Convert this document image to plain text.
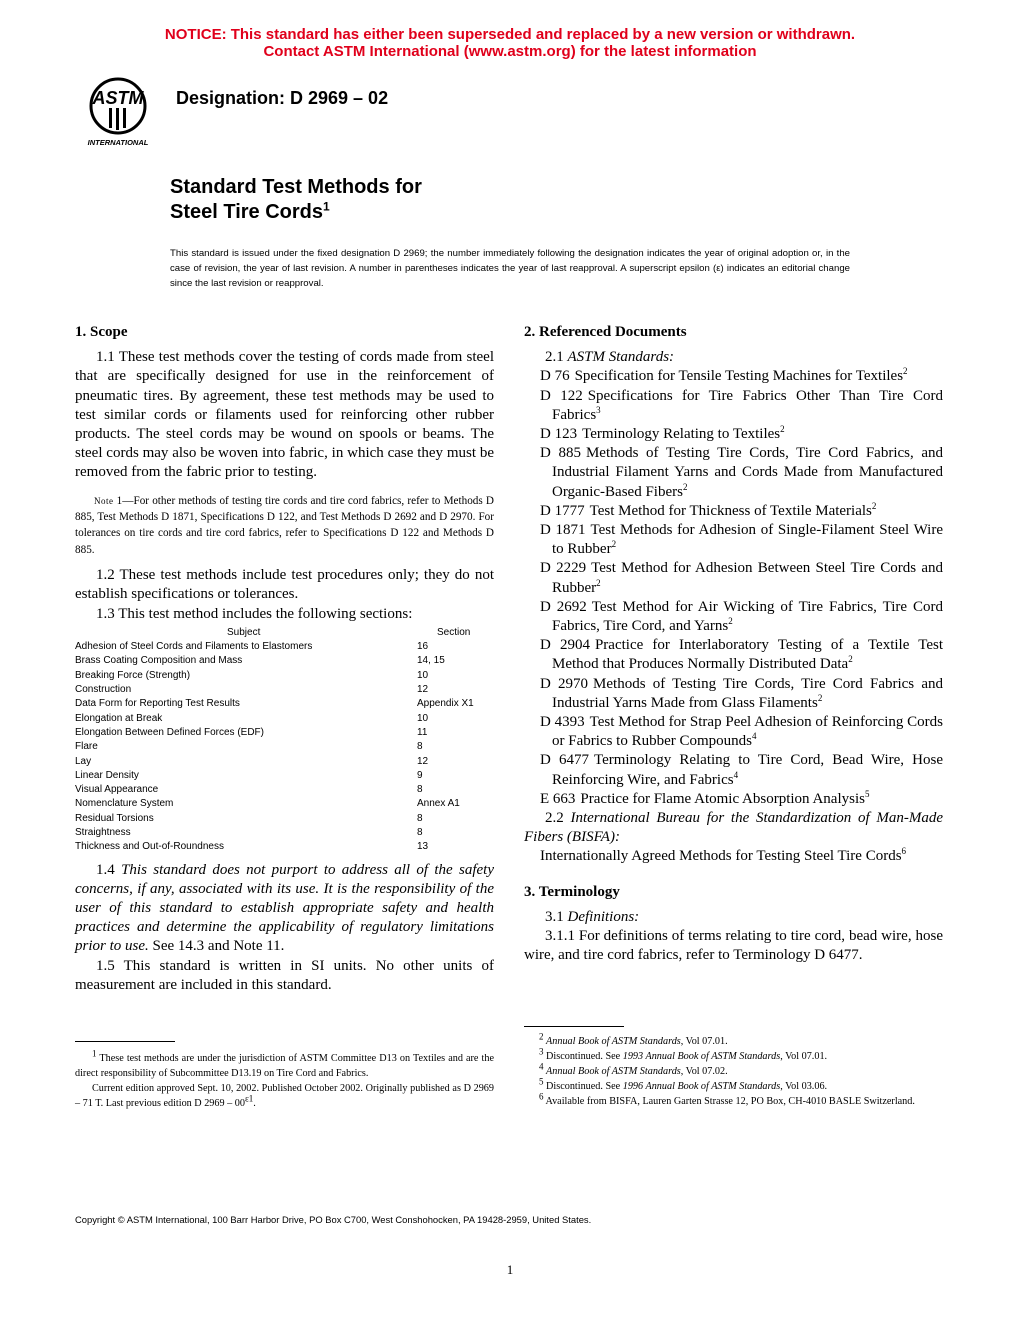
NOTICE: This standard has either been superseded and replaced by a new version or withdrawn.
Contact ASTM International (www.astm.org) for the latest information
ASTM
INTERNATIONAL
Designation: D 2969 – 02
Standard Test Methods for
Steel Tire Cords$^1$
This standard is issued under the fixed designation D 2969; the number immediately following the designation indicates the year of original adoption or, in the case of revision, the year of last revision. A number in parentheses indicates the year of last reapproval. A superscript epsilon (ε) indicates an editorial change since the last revision or reapproval.
1. Scope

1.1 These test methods cover the testing of cords made from steel that are specifically designed for use in the reinforcement of pneumatic tires. By agreement, these test methods may be used to test similar cords or filaments used for reinforcing other rubber products. The steel cords may be wound on spools or beams. The steel cords may also be woven into fabric, in which case they must be removed from the fabric prior to testing.

Note 1—For other methods of testing tire cords and tire cord fabrics, refer to Methods D 885, Test Methods D 1871, Specifications D 122, and Test Methods D 2692 and D 2970. For tolerances on tire cords and tire cord fabrics, refer to Specifications D 122 and Methods D 885.

1.2 These test methods include test procedures only; they do not establish specifications or tolerances.

1.3 This test method includes the following sections:

Subject	Section
Adhesion of Steel Cords and Filaments to Elastomers	16
Brass Coating Composition and Mass	14, 15
Breaking Force (Strength)	10
Construction	12
Data Form for Reporting Test Results	Appendix X1
Elongation at Break	10
Elongation Between Defined Forces (EDF)	11
Flare	8
Lay	12
Linear Density	9
Visual Appearance	8
Nomenclature System	Annex A1
Residual Torsions	8
Straightness	8
Thickness and Out-of-Roundness	13

1.4 This standard does not purport to address all of the safety concerns, if any, associated with its use. It is the responsibility of the user of this standard to establish appropriate safety and health practices and determine the applicability of regulatory limitations prior to use. See 14.3 and Note 11.

1.5 This standard is written in SI units. No other units of measurement are included in this standard.

2. Referenced Documents

2.1 ASTM Standards:

D 76 Specification for Tensile Testing Machines for Textiles$^2$
D 122 Specifications for Tire Fabrics Other Than Tire Cord Fabrics$^3$
D 123 Terminology Relating to Textiles$^2$
D 885 Methods of Testing Tire Cords, Tire Cord Fabrics, and Industrial Filament Yarns and Cords Made from Manufactured Organic-Based Fibers$^2$
D 1777 Test Method for Thickness of Textile Materials$^2$
D 1871 Test Methods for Adhesion of Single-Filament Steel Wire to Rubber$^2$
D 2229 Test Method for Adhesion Between Steel Tire Cords and Rubber$^2$
D 2692 Test Method for Air Wicking of Tire Fabrics, Tire Cord Fabrics, Tire Cord, and Yarns$^2$
D 2904 Practice for Interlaboratory Testing of a Textile Test Method that Produces Normally Distributed Data$^2$
D 2970 Methods of Testing Tire Cords, Tire Cord Fabrics and Industrial Yarns Made from Glass Filaments$^2$
D 4393 Test Method for Strap Peel Adhesion of Reinforcing Cords or Fabrics to Rubber Compounds$^4$
D 6477 Terminology Relating to Tire Cord, Bead Wire, Hose Reinforcing Wire, and Fabrics$^4$
E 663 Practice for Flame Atomic Absorption Analysis$^5$

2.2 International Bureau for the Standardization of Man-Made Fibers (BISFA):

Internationally Agreed Methods for Testing Steel Tire Cords$^6$
3. Terminology

3.1 Definitions:

3.1.1 For definitions of terms relating to tire cord, bead wire, hose wire, and tire cord fabrics, refer to Terminology D 6477.

$^1$ These test methods are under the jurisdiction of ASTM Committee D13 on Textiles and are the direct responsibility of Subcommittee D13.19 on Tire Cord and Fabrics.

Current edition approved Sept. 10, 2002. Published October 2002. Originally published as D 2969 – 71 T. Last previous edition D $2969 - 00^{\varepsilon 1}$.

$^2$ Annual Book of ASTM Standards, Vol 07.01.

$^3$ Discontinued. See 1993 Annual Book of ASTM Standards, Vol 07.01.

$^4$ Annual Book of ASTM Standards, Vol 07.02.

$^5$ Discontinued. See 1996 Annual Book of ASTM Standards, Vol 03.06.

$^6$ Available from BISFA, Lauren Garten Strasse 12, PO Box, CH-4010 BASLE Switzerland.

Copyright © ASTM International, 100 Barr Harbor Drive, PO Box C700, West Conshohocken, PA 19428-2959, United States.
1
